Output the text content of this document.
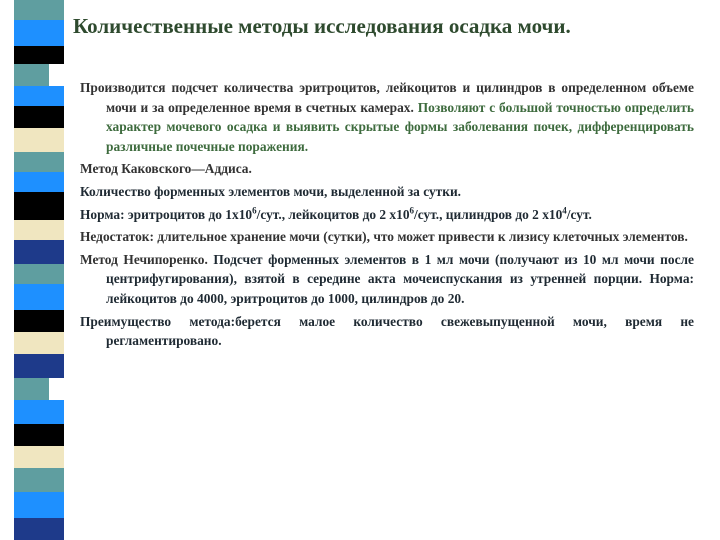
Количественные методы исследования осадка мочи.

Производится подсчет количества эритроцитов, лейкоцитов и цилиндров в определенном объеме мочи и за определенное время в счетных камерах. Позволяют с большой точностью определить характер мочевого осадка и выявить скрытые формы заболевания почек, дифференцировать различные почечные поражения.

Метод Каковского—Аддиса.

Количество форменных элементов мочи, выделенной за сутки.

Норма: эритроцитов до $1х10^6$/сут., лейкоцитов до 2 $х10^6$/сут., цилиндров до 2 $х10^4$/сут.

Недостаток: длительное хранение мочи (сутки), что может привести к лизису клеточных элементов.

Метод Нечипоренко. Подсчет форменных элементов в 1 мл мочи (получают из 10 мл мочи после центрифугирования), взятой в середине акта мочеиспускания из утренней порции. Норма: лейкоцитов до 4000, эритроцитов до 1000, цилиндров до 20.

Преимущество метода:берется малое количество свежевыпущенной мочи, время не регламентировано.
